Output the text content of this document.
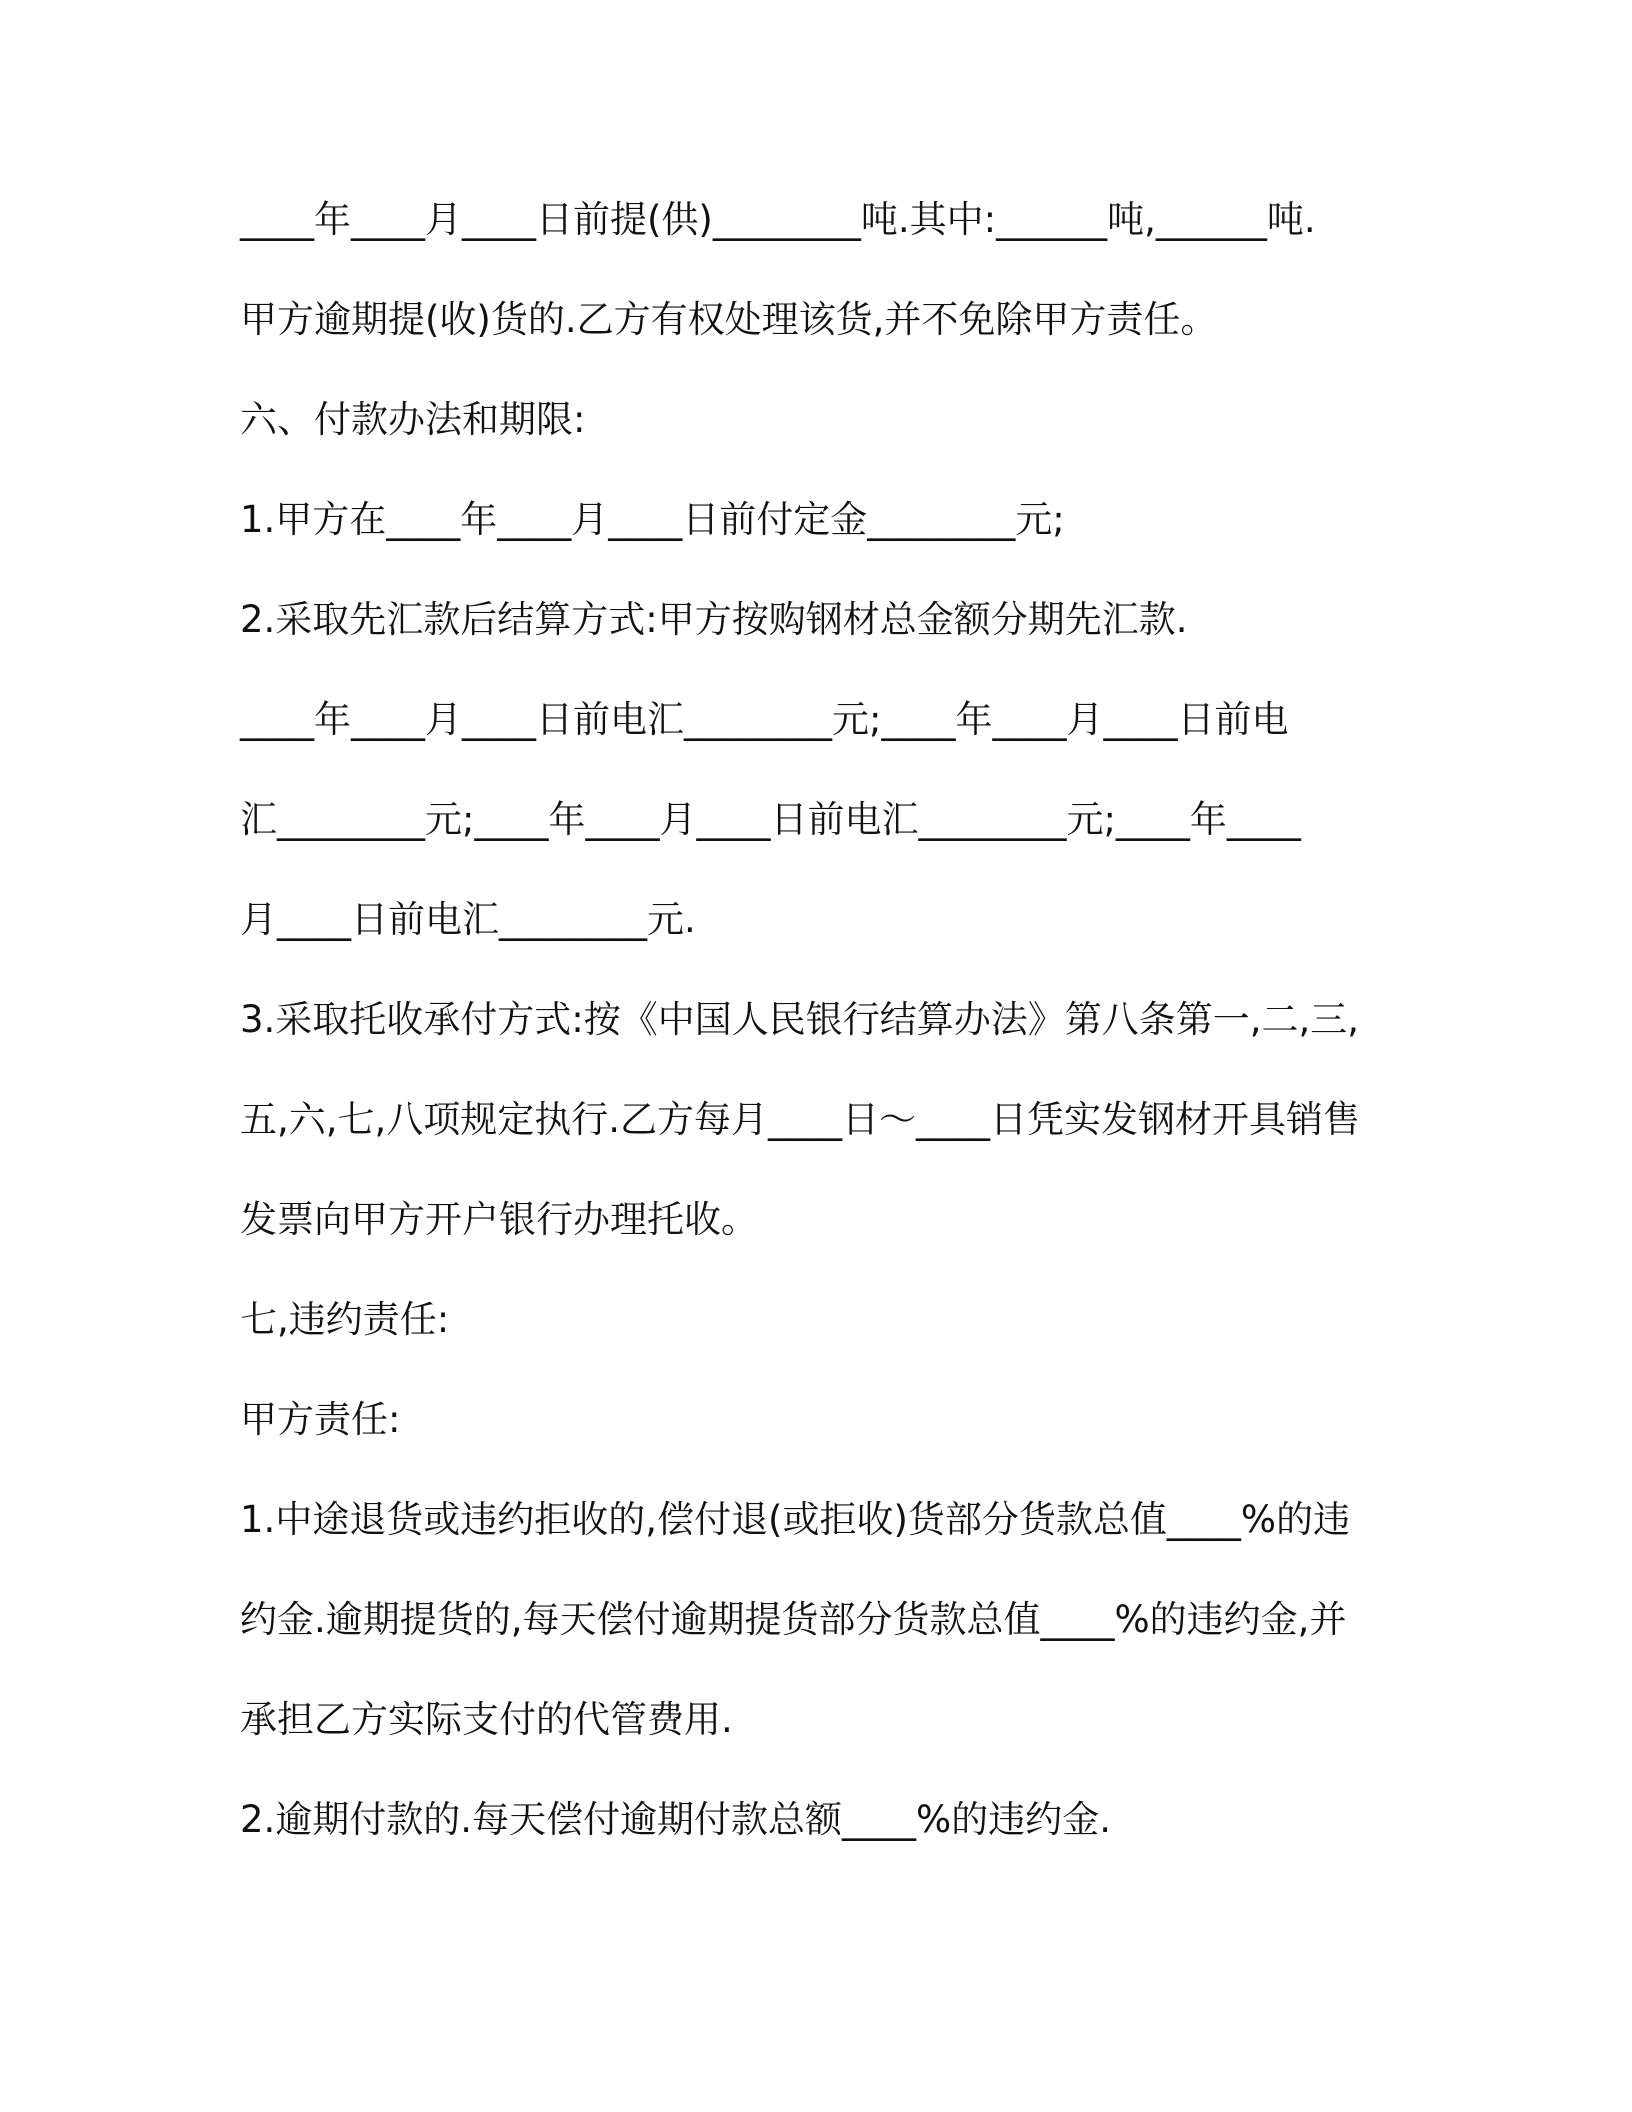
____年____月____日前提(供)________吨.其中:______吨,______吨.
甲方逾期提(收)货的.乙方有权处理该货,并不免除甲方责任。
六、付款办法和期限:
1.甲方在____年____月____日前付定金________元;
2.采取先汇款后结算方式:甲方按购钢材总金额分期先汇款.
____年____月____日前电汇________元;____年____月____日前电
汇________元;____年____月____日前电汇________元;____年____
月____日前电汇________元.
3.采取托收承付方式:按《中国人民银行结算办法》第八条第一,二,三,
五,六,七,八项规定执行.乙方每月____日～____日凭实发钢材开具销售
发票向甲方开户银行办理托收。
七,违约责任:
甲方责任:
1.中途退货或违约拒收的,偿付退(或拒收)货部分货款总值____%的违
约金.逾期提货的,每天偿付逾期提货部分货款总值____%的违约金,并
承担乙方实际支付的代管费用.
2.逾期付款的.每天偿付逾期付款总额____%的违约金.
